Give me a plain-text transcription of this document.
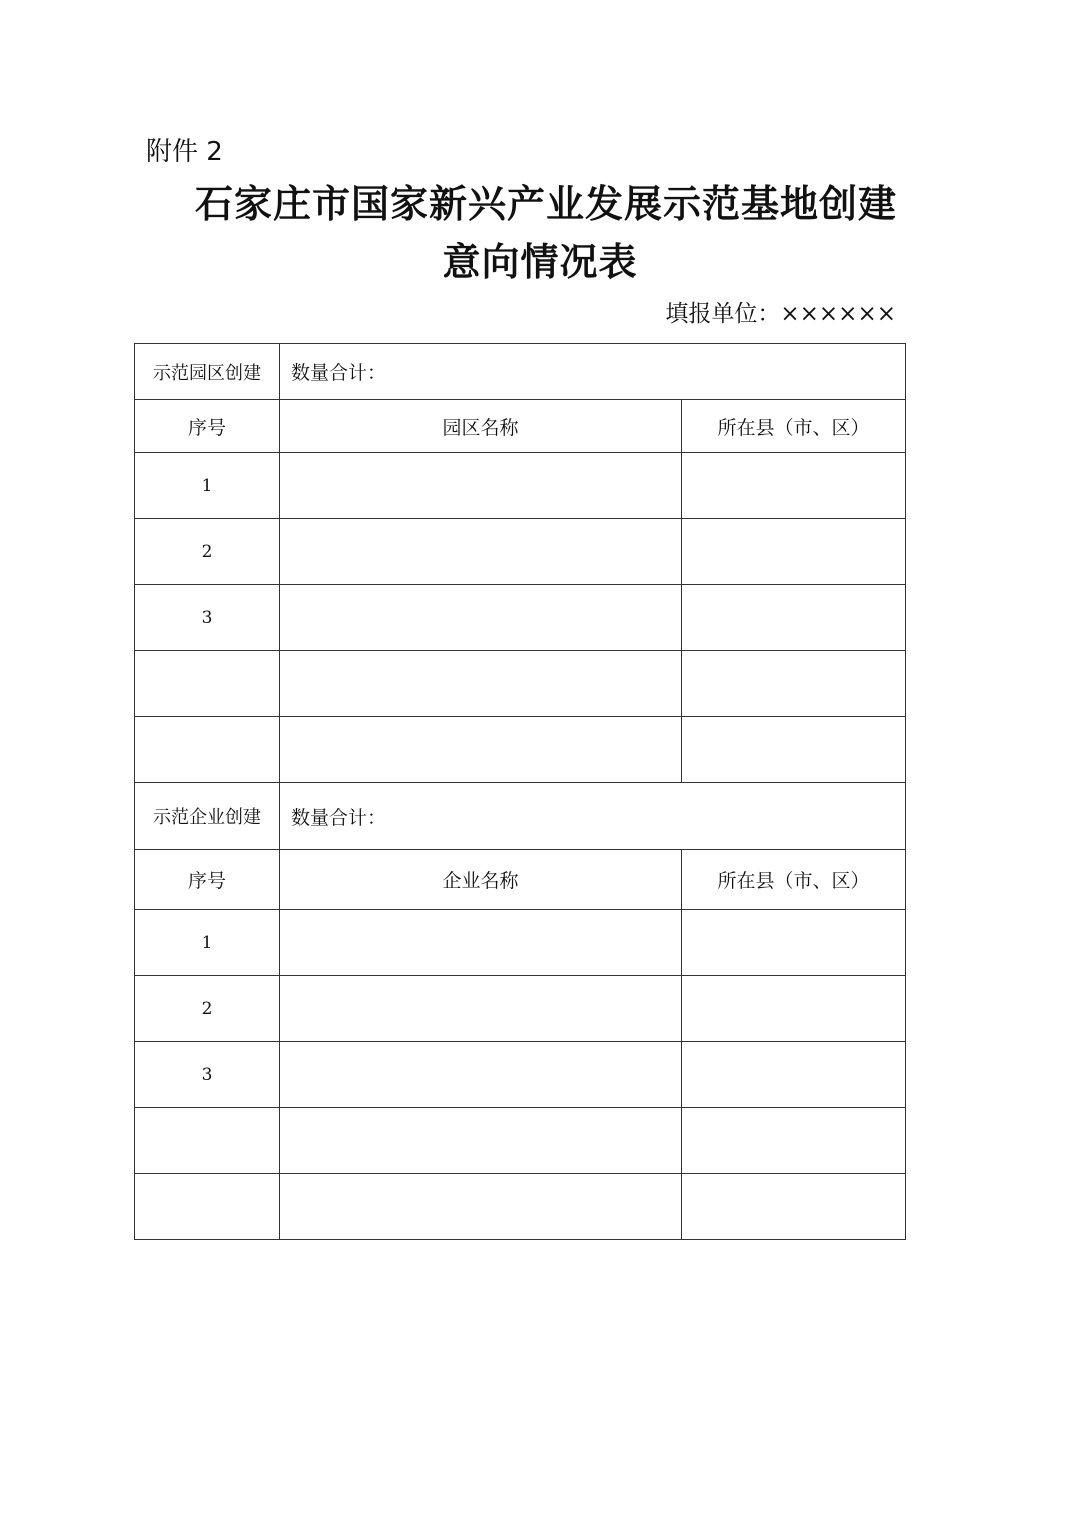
附件 2
石家庄市国家新兴产业发展示范基地创建
意向情况表
填报单位：××××××
示范园区创建	数量合计：	
序号	园区名称	所在县（市、区）
1		
2		
3		

示范企业创建	数量合计：	
序号	企业名称	所在县（市、区）
1		
2		
3		
